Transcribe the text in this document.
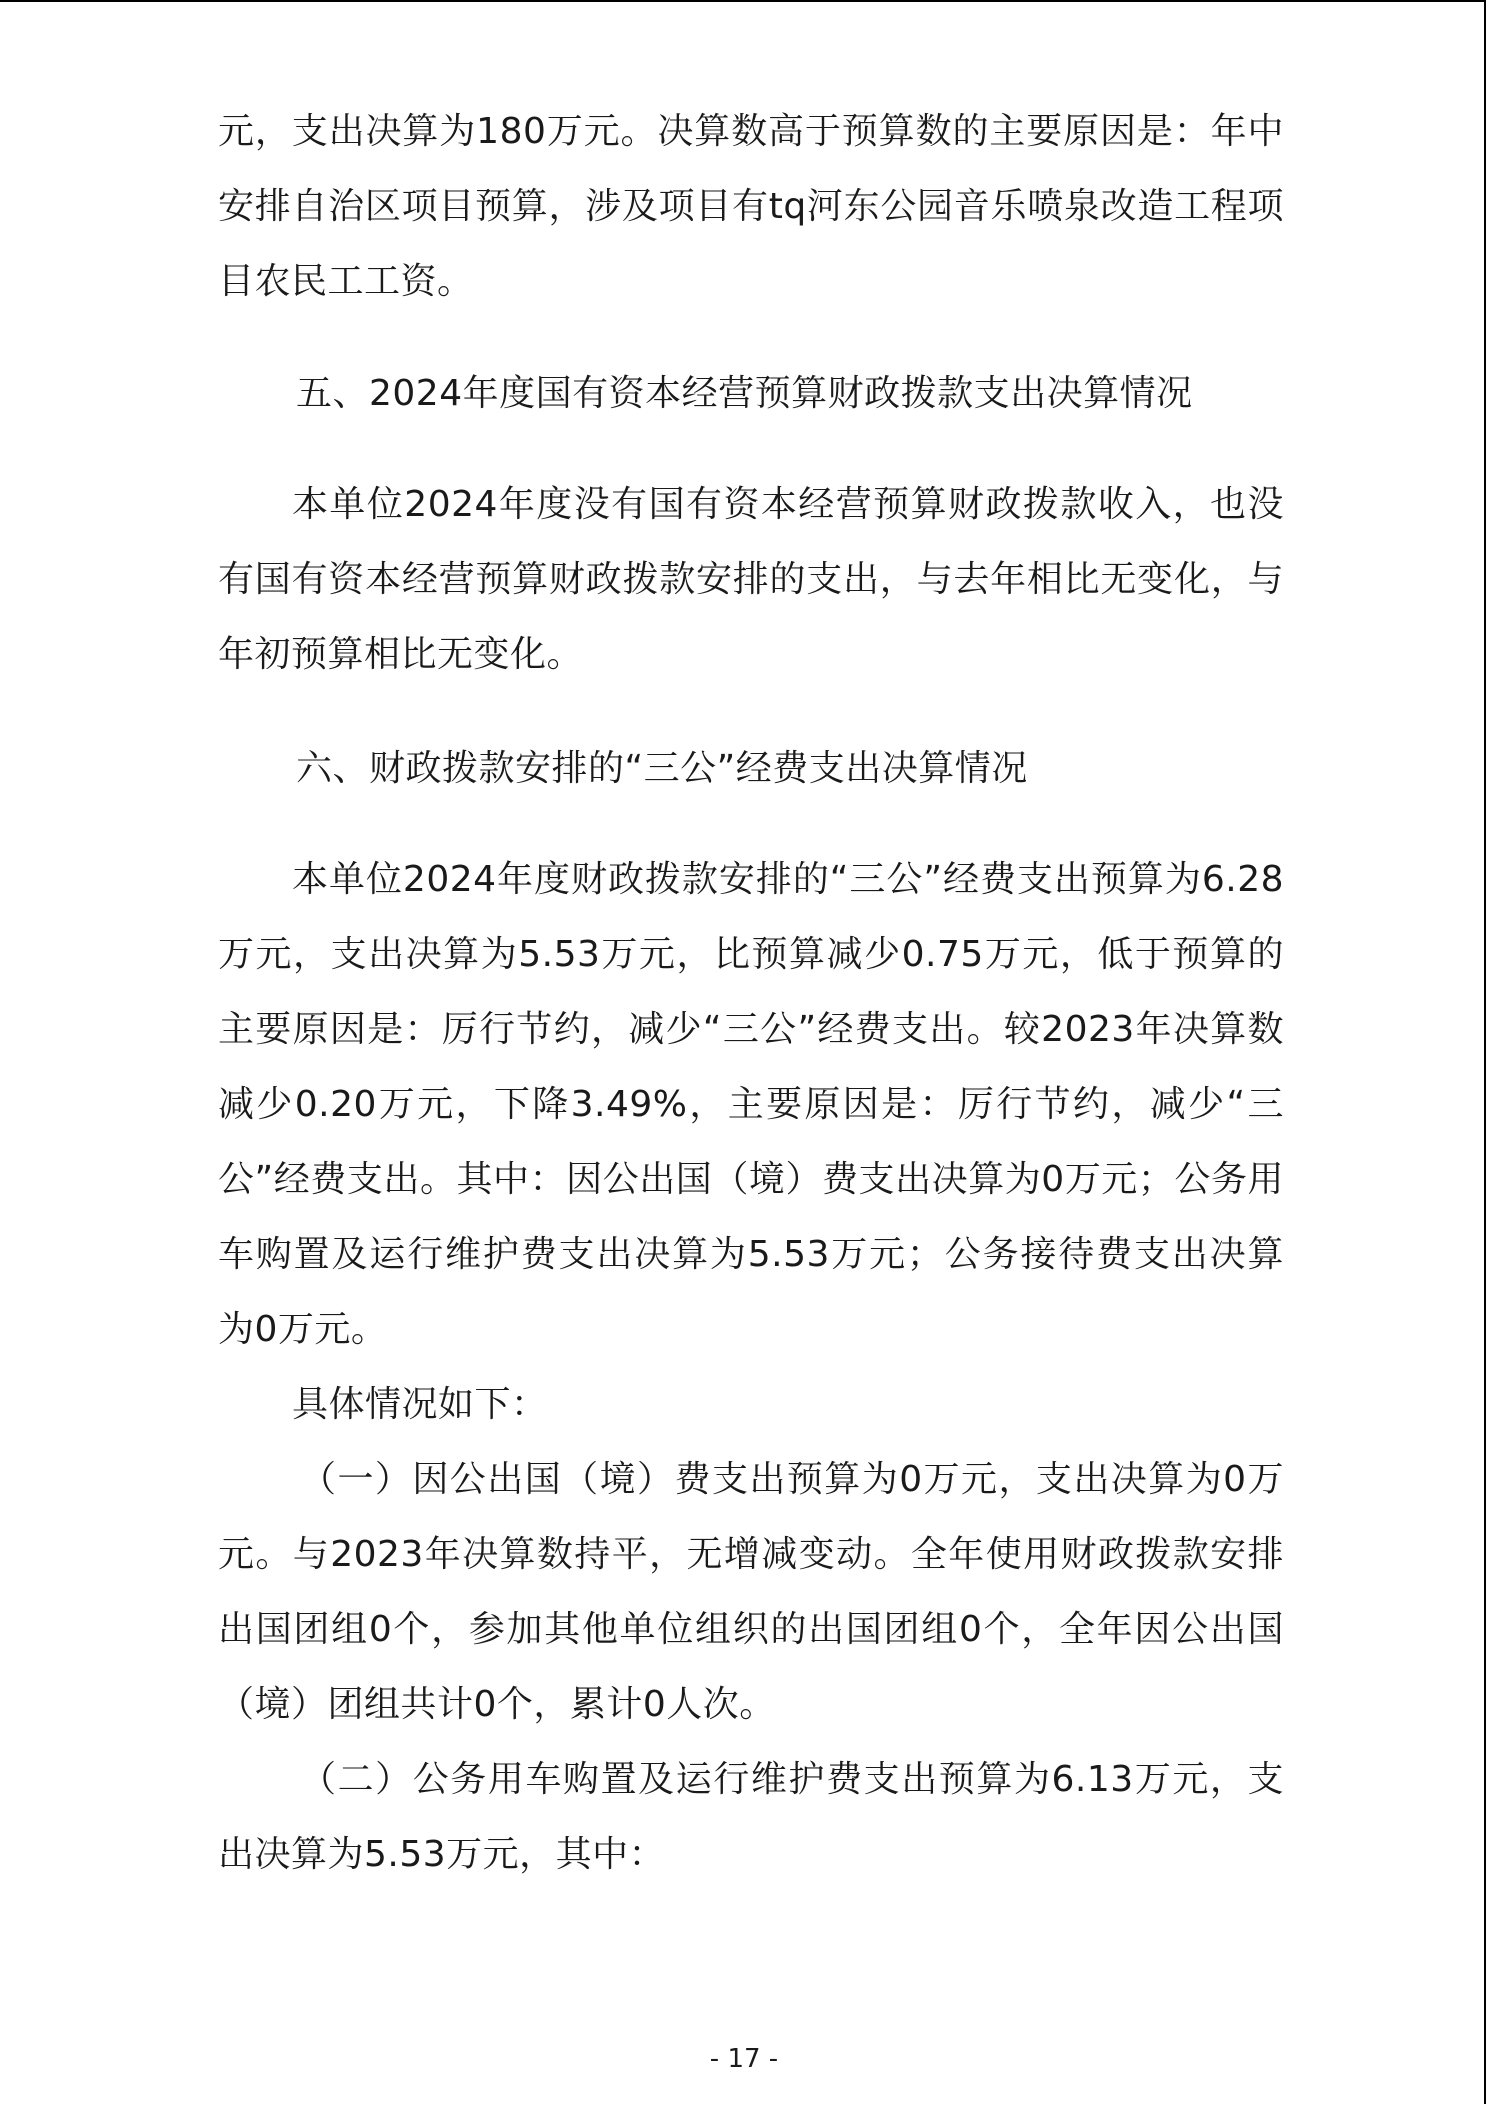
元，支出决算为180万元。决算数高于预算数的主要原因是：年中安排自治区项目预算，涉及项目有tq河东公园音乐喷泉改造工程项目农民工工资。

五、2024年度国有资本经营预算财政拨款支出决算情况

本单位2024年度没有国有资本经营预算财政拨款收入，也没有国有资本经营预算财政拨款安排的支出，与去年相比无变化，与年初预算相比无变化。

六、财政拨款安排的“三公”经费支出决算情况

本单位2024年度财政拨款安排的“三公”经费支出预算为6.28万元，支出决算为5.53万元，比预算减少0.75万元，低于预算的主要原因是：厉行节约，减少“三公”经费支出。较2023年决算数减少0.20万元，下降3.49%，主要原因是：厉行节约，减少“三公”经费支出。其中：因公出国（境）费支出决算为0万元；公务用车购置及运行维护费支出决算为5.53万元；公务接待费支出决算为0万元。

具体情况如下：

（一）因公出国（境）费支出预算为0万元，支出决算为0万元。与2023年决算数持平，无增减变动。全年使用财政拨款安排出国团组0个，参加其他单位组织的出国团组0个，全年因公出国（境）团组共计0个，累计0人次。

（二）公务用车购置及运行维护费支出预算为6.13万元，支出决算为5.53万元，其中：

- 17 -
